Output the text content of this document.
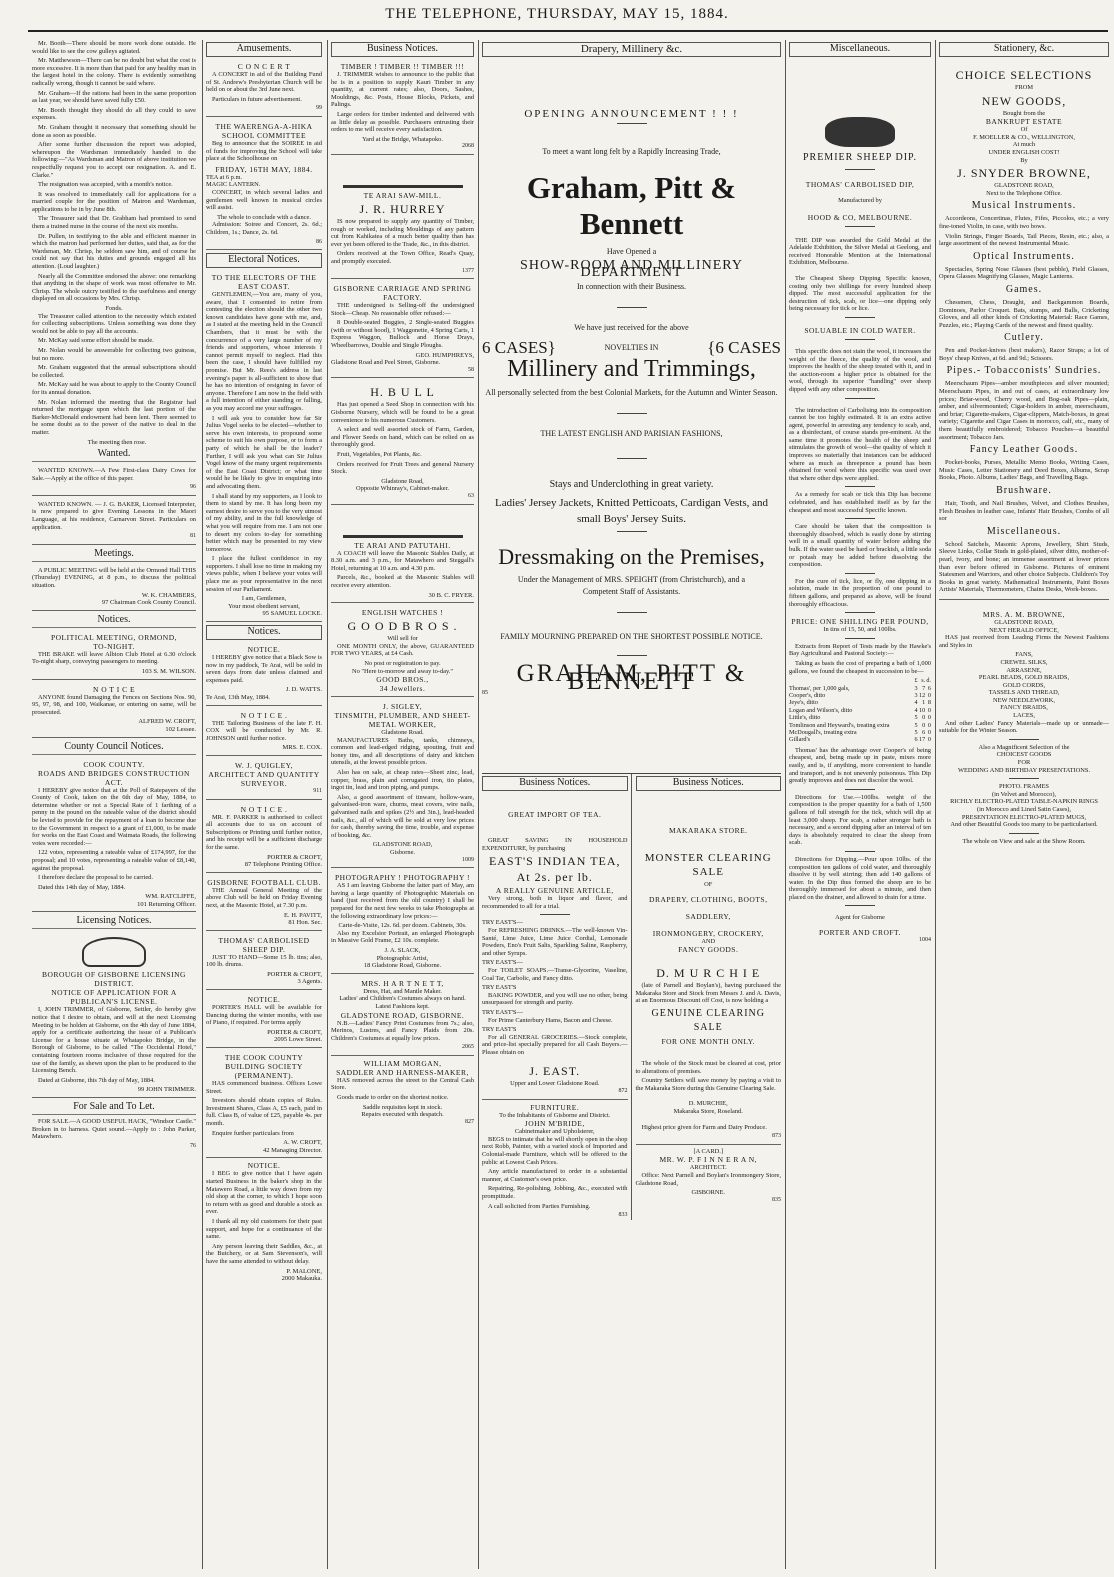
THE TELEPHONE, THURSDAY, MAY 15, 1884.

Mr. Booth—There should be more work done outside. He would like to see the cow gulleys agitated.

Mr. Matthewson—There can be no doubt but what the cost is more excessive. It is more than that paid for any healthy man in the largest hotel in the colony. There is evidently something radically wrong, though it cannot be said where.

Mr. Graham—If the rations had been in the same proportion as last year, we should have saved fully £50.

Mr. Booth thought they should do all they could to save expenses.

Mr. Graham thought it necessary that something should be done as soon as possible.

After some further discussion the report was adopted, whereupon the Wardsman immediately handed in the following:—"As Wardsman and Matron of above institution we respectfully request you to accept our resignation. A. and E. Clarke."

The resignation was accepted, with a month's notice.

It was resolved to immediately call for applications for a married couple for the position of Matron and Wardsman, applications to be in by June 8th.

The Treasurer said that Dr. Grabham had promised to send them a trained nurse in the course of the next six months.

Dr. Pullen, in testifying to the able and efficient manner in which the matron had performed her duties, said that, as for the Wardsman, Mr. Chrisp, he seldom saw him, and of course he could not say that his duties and grounds engaged all his attention. (Loud laughter.)

Nearly all the Committee endorsed the above: one remarking that anything in the shape of work was most offensive to Mr. Chrisp. The whole outcry testified to the usefulness and energy displayed on all occasions by Mrs. Chrisp.

Fonds.

The Treasurer called attention to the necessity which existed for collecting subscriptions. Unless something was done they would not be able to pay all the accounts.

Mr. McKay said some effort should be made.

Mr. Nolan would be answerable for collecting two guineas, but no more.

Mr. Graham suggested that the annual subscriptions should be collected.

Mr. McKay said he was about to apply to the County Council for its annual donation.

Mr. Nolan informed the meeting that the Registrar had returned the mortgage upon which the last portion of the Barker-McDonald endowment had been lent. There seemed to be some doubt as to the power of the native to deal in the matter.

The meeting then rose.

Wanted.

WANTED KNOWN.—A Few First-class Dairy Cows for Sale.—Apply at the office of this paper.

96

WANTED KNOWN. — J. G. BAKER, Licensed Interpreter, is now prepared to give Evening Lessons in the Maori Language, at his residence, Carnarvon Street. Particulars on application.

81
Meetings.

A PUBLIC MEETING will be held at the Ormond Hall THIS (Thursday) EVENING, at 8 p.m., to discuss the political situation.

W. K. CHAMBERS,
97 Chairman Cook County Council.
Notices.
POLITICAL MEETING, ORMOND,
TO-NIGHT.

THE BRAKE will leave Albion Club Hotel at 6.30 o'clock To-night sharp, conveying passengers to meeting.

103 S. M. WILSON.
N O T I C E

ANYONE found Damaging the Fences on Sections Nos. 90, 95, 97, 98, and 100, Waikanae, or entering on same, will be prosecuted.

ALFRED W. CROFT,
102 Lessee.
County Council Notices.
COOK COUNTY.
ROADS AND BRIDGES CONSTRUCTION ACT.

I HEREBY give notice that at the Poll of Ratepayers of the County of Cook, taken on the 6th day of May, 1884, to determine whether or not a Special Rate of 1 farthing of a penny in the pound on the rateable value of the district should be levied to provide for the repayment of a loan to become due to the Government in respect to a grant of £1,000, to be made for works on the East Coast and Waimata Roads, the following votes were recorded:—

122 votes, representing a rateable value of £174,997, for the proposal; and 10 votes, representing a rateable value of £8,140, against the proposal.

I therefore declare the proposal to be carried.

Dated this 14th day of May, 1884.

WM. RATCLIFFE,
101 Returning Officer.
Licensing Notices.
BOROUGH OF GISBORNE LICENSING DISTRICT.
NOTICE OF APPLICATION FOR A PUBLICAN'S LICENSE.

I, JOHN TRIMMER, of Gisborne, Settler, do hereby give notice that I desire to obtain, and will at the next Licensing Meeting to be holden at Gisborne, on the 4th day of June 1884, apply for a certificate authorizing the issue of a Publican's License for a house situate at Whatapoko Bridge, in the Borough of Gisborne, to be called "The Occidental Hotel," containing fourteen rooms inclusive of those required for the use of the family, as shewn upon the plan to be produced to the Licensing Bench.

Dated at Gisborne, this 7th day of May, 1884.

99 JOHN TRIMMER.
For Sale and To Let.

FOR SALE.—A GOOD USEFUL HACK, "Windsor Castle." Broken in to harness. Quiet sound.—Apply to : John Parker, Matawhero.

76
Amusements.
C O N C E R T

A CONCERT in aid of the Building Fund of St. Andrew's Presbyterian Church will be held on or about the 3rd June next.

Particulars in future advertisement.

99
THE WAERENGA-A-HIKA SCHOOL COMMITTEE

Beg to announce that the SOIREE in aid of funds for improving the School will take place at the Schoolhouse on

FRIDAY, 16TH MAY, 1884.
TEA at 6 p.m.
MAGIC LANTERN.

CONCERT, in which several ladies and gentlemen well known in musical circles will assist.

The whole to conclude with a dance.

Admission: Soiree and Concert, 2s. 6d.; Children, 1s.; Dance, 2s. 6d.

86
Electoral Notices.
TO THE ELECTORS OF THE EAST COAST.

GENTLEMEN,—You are, many of you, aware, that I consented to retire from contesting the election should the other two known candidates have gone with me, and, as I stated at the meeting held in the Council Chambers, that it must be with the concurrence of a very large number of my friends and supporters, whose interests I cannot permit myself to neglect. Had this been the case, I should have fulfilled my promise. But Mr. Rees's address in last evening's paper is all-sufficient to show that he has no intention of resigning in favor of anyone. Therefore I am now in the field with a full intention of either standing or falling, as you may accord me your suffrages.

I will ask you to consider how far Sir Julius Vogel seeks to be elected—whether to serve his own interests, to propound some scheme to suit his own purpose, or to form a party of which he shall be the leader? Further, I will ask you what can Sir Julius Vogel know of the many urgent requirements of the East Coast District; or what time would he be likely to give in enquiring into and advocating them.

I shall stand by my supporters, as I look to them to stand by me. It has long been my earnest desire to serve you to the very utmost of my ability, and in the full knowledge of what you will require from me. I am not one to desert my colors to-day for something better which may be presented to my view tomorrow.

I place the fullest confidence in my supporters. I shall lose no time in making my views public, when I believe your votes will place me as your representative in the next session of our Parliament.

I am, Gentlemen,
Your most obedient servant,
95 SAMUEL LOCKE.
Notices.
NOTICE.

I HEREBY give notice that a Black Sow is now in my paddock, Te Arai, will be sold in seven days from date unless claimed and expenses paid.

J. D. WATTS.
Te Arai, 13th May, 1884.
N O T I C E .

THE Tailoring Business of the late F. H. COX will be conducted by Mr. R. JOHNSON until further notice.

MRS. E. COX.
W. J. QUIGLEY,
ARCHITECT AND QUANTITY SURVEYOR.
911
N O T I C E .

MR. F. PARKER is authorised to collect all accounts due to us on account of Subscriptions or Printing until further notice, and his receipt will be a sufficient discharge for the same.

PORTER & CROFT,
87 Telephone Printing Office.
GISBORNE FOOTBALL CLUB.

THE Annual General Meeting of the above Club will be held on Friday Evening next, at the Masonic Hotel, at 7.30 p.m.

E. H. PAVITT,
81 Hon. Sec.
THOMAS' CARBOLISED SHEEP DIP.

JUST TO HAND—Some 15 lb. tins; also, 100 lb. drums.

PORTER & CROFT,
3 Agents.
NOTICE.

PORTER'S HALL will be available for Dancing during the winter months, with use of Piano, if required. For terms apply

PORTER & CROFT,
2095 Lowe Street.
THE COOK COUNTY BUILDING SOCIETY (PERMANENT).

HAS commenced business. Offices Lowe Street.

Investors should obtain copies of Rules. Investment Shares, Class A, £5 each, paid in full. Class B, of value of £25, payable 4s. per month.

Enquire further particulars from

A. W. CROFT,
42 Managing Director.
NOTICE.

I BEG to give notice that I have again started Business in the baker's shop in the Matawero Road, a little way down from my old shop at the corner, to which I hope soon to return with as good and durable a stock as ever.

I thank all my old customers for their past support, and hope for a continuance of the same.

Any person leaving their Saddles, &c., at the Butchery, or at Sam Stevenson's, will have the same attended to without delay.

P. MALONE,
2000 Makauka.
Business Notices.
TIMBER ! TIMBER !! TIMBER !!!

J. TRIMMER wishes to announce to the public that he is in a position to supply Kauri Timber in any quantity, at current rates; also, Doors, Sashes, Mouldings, &c. Posts, House Blocks, Pickets, and Palings.

Large orders for timber indented and delivered with as little delay as possible. Purchasers entrusting their orders to me will receive every satisfaction.

Yard at the Bridge, Whatapoko.
2068
TE ARAI SAW-MILL.
J. R. HURREY

IS now prepared to supply any quantity of Timber, rough or worked, including Mouldings of any pattern cut from Kahikatea of a much better quality than has ever yet been offered to the Trade, &c., in this district.

Orders received at the Town Office, Read's Quay, and promptly executed.

1377
GISBORNE CARRIAGE AND SPRING FACTORY.

THE undersigned is Selling-off the undersigned Stock—Cheap. No reasonable offer refused:—

8 Double-seated Buggies, 2 Single-seated Buggies (with or without hood), 1 Waggonette, 4 Spring Carts, 1 Express Waggon, Bullock and Horse Drays, Wheelbarrows, Double and Single Ploughs.

GEO. HUMPHREYS,
Gladstone Road and Peel Street, Gisborne.
58
H. B U L L

Has just opened a Seed Shop in connection with his Gisborne Nursery, which will be found to be a great convenience to his numerous Customers.

A select and well assorted stock of Farm, Garden, and Flower Seeds on hand, which can be relied on as thoroughly good.

Fruit, Vegetables, Pot Plants, &c.

Orders received for Fruit Trees and general Nursery Stock.

Gladstone Road,
Opposite Whinray's, Cabinet-maker.
63
TE ARAI AND PATUTAHI.

A COACH will leave the Masonic Stables Daily, at 8.30 a.m. and 3 p.m., for Matawhero and Steggall's Hotel, returning at 10 a.m. and 4.30 p.m.

Parcels, &c., booked at the Masonic Stables will receive every attention.

30 B. C. FRYER.
ENGLISH WATCHES !
G O O D B R O S .
Will sell for

ONE MONTH ONLY, the above, GUARANTEED FOR TWO YEARS, at £4 Cash.

No post or registration to pay.
No "Here to-morrow and away to-day."
GOOD BROS.,
34 Jewellers.
J. SIGLEY,
TINSMITH, PLUMBER, AND SHEET-METAL WORKER,
Gladstone Road.

MANUFACTURES Baths, tanks, chimneys, common and lead-edged ridging, spouting, fruit and honey tins, and all descriptions of dairy and kitchen utensils, at the lowest possible prices.

Also has on sale, at cheap rates—Sheet zinc, lead, copper, brass, plain and corrugated iron, tin plates, ingot tin, lead and iron piping, and pumps.

Also, a good assortment of tinware, hollow-ware, galvanised-iron ware, churns, meat covers, wire nails, galvanised nails and spikes (2½ and 3in.), lead-headed nails, &c., all of which will be sold at very low prices for cash, thereby saving the time, trouble, and expense of booking, &c.

GLADSTONE ROAD,
Gisborne.
1009
PHOTOGRAPHY ! PHOTOGRAPHY !

AS I am leaving Gisborne the latter part of May, am having a large quantity of Photographic Materials on hand (just received from the old country) I shall be prepared for the next few weeks to take Photographs at the following extraordinary low prices:—

Carte-de-Visite, 12s. 6d. per dozen. Cabinets, 30s.

Also my Excelsior Portrait, an enlarged Photograph in Massive Gold Frame, £2 10s. complete.

J. A. SLACK,
Photographic Artist,
18 Gladstone Road, Gisborne.
MRS. H A R T N E T T,
Dress, Hat, and Mantle Maker.
Ladies' and Children's Costumes always on hand.
Latest Fashions kept.
GLADSTONE ROAD, GISBORNE.

N.B.—Ladies' Fancy Print Costumes from 7s.; also, Merinos, Lustres, and Fancy Plaids from 20s. Children's Costumes at equally low prices.

2065
WILLIAM MORGAN,
SADDLER AND HARNESS-MAKER,

HAS removed across the street to the Central Cash Store.

Goods made to order on the shortest notice.

Saddle requisites kept in stock.
Repairs executed with despatch.
827
Drapery, Millinery &c.
OPENING ANNOUNCEMENT ! ! !
To meet a want long felt by a Rapidly Increasing Trade,
Graham, Pitt & Bennett
Have Opened a
SHOW-ROOM AND MILLINERY DEPARTMENT
In connection with their Business.
We have just received for the above
6 CASES}	NOVELTIES IN	{6 CASES
Millinery and Trimmings,
All personally selected from the best Colonial Markets, for the Autumn and Winter Season.
THE LATEST ENGLISH AND PARISIAN FASHIONS,
Stays and Underclothing in great variety.
Ladies' Jersey Jackets, Knitted Petticoats, Cardigan Vests, and small Boys' Jersey Suits.
Dressmaking on the Premises,
Under the Management of MRS. SPEIGHT (from Christchurch), and a
Competent Staff of Assistants.
FAMILY MOURNING PREPARED ON THE SHORTEST POSSIBLE NOTICE.
GRAHAM, PITT & BENNETT
85
Business Notices.
GREAT IMPORT OF TEA.

GREAT SAVING IN HOUSEHOLD EXPENDITURE, by purchasing

EAST'S INDIAN TEA,
At 2s. per lb.
A REALLY GENUINE ARTICLE,

Very strong, both in liquor and flavor, and recommended to all for a trial.

TRY EAST'S—

For REFRESHING DRINKS.—The well-known Vin-Santé, Lime Juice, Lime Juice Cordial, Lemonade Powders, Eno's Fruit Salts, Sparkling Saline, Raspberry, and other Syrups.

TRY EAST'S—

For TOILET SOAPS.—Transe-Glycerine, Vaseline, Coal Tar, Carbolic, and Fancy ditto.

TRY EAST'S

BAKING POWDER, and you will use no other, being unsurpassed for strength and purity.

TRY EAST'S—

For Prime Canterbury Hams, Bacon and Cheese.

TRY EAST'S

For all GENERAL GROCERIES.—Stock complete, and price-list specially prepared for all Cash Buyers.—Please obtain on

J. EAST.
Upper and Lower Gladstone Road.
872
FURNITURE.
To the Inhabitants of Gisborne and District.
JOHN M'BRIDE,
Cabinetmaker and Upholsterer,

BEGS to intimate that he will shortly open in the shop next Robb, Painter, with a varied stock of Imported and Colonial-made Furniture, which will be offered to the public at Lowest Cash Prices.

Any article manufactured to order in a substantial manner, at Customer's own price.

Repairing, Re-polishing, Jobbing, &c., executed with promptitude.

A call solicited from Parties Furnishing.

833
Business Notices.
MAKARAKA STORE.
MONSTER CLEARING SALE
OF
DRAPERY, CLOTHING, BOOTS,
SADDLERY,
IRONMONGERY, CROCKERY,
AND
FANCY GOODS.
D. M U R C H I E

(late of Parnell and Boylan's), having purchased the Makaraka Store and Stock from Messrs J. and A. Davis, at an Enormous Discount off Cost, is now holding a

GENUINE CLEARING SALE
FOR ONE MONTH ONLY.

The whole of the Stock must be cleared at cost, prior to alterations of premises.

Country Settlers will save money by paying a visit to the Makaraka Store during this Genuine Clearing Sale.

D. MURCHIE,
Makaraka Store, Roseland.

Highest price given for Farm and Dairy Produce.

873
[A CARD.]
MR. W. P. F I N N E R A N,
ARCHITECT.

Office: Next Parnell and Boylan's Ironmongery Store, Gladstone Road,

GISBORNE.
835
Miscellaneous.
PREMIER SHEEP DIP.
THOMAS' CARBOLISED DIP,
Manufactured by
HOOD & CO, MELBOURNE.

THE DIP was awarded the Gold Medal at the Adelaide Exhibition, the Silver Medal at Geelong, and received Honorable Mention at the International Exhibition, Melbourne.

The Cheapest Sheep Dipping Specific known, costing only two shillings for every hundred sheep dipped. The most successful application for the destruction of tick, scab, or lice—one dipping only being necessary for tick or lice.

SOLUABLE IN COLD WATER.

This specific does not stain the wool, it increases the weight of the fleece, the quality of the wool, and improves the health of the sheep treated with it, and in the auction-room a higher price is obtained for the wool, through its superior "handling" over sheep dipped with any other composition.

The introduction of Carbolising into its composition cannot be too highly estimated. It is an extra active agent, powerful in arresting any tendency to scab, and, as a disinfectant, of course stands pre-eminent. At the same time it promotes the health of the sheep and stimulates the growth of wool—the quality of which it improves so materially that instances can be adduced where as much as threepence a pound has been obtained for wool where this specific was used over that where other dips were applied.

As a remedy for scab or tick this Dip has become celebrated, and has established itself as by far the cheapest and most successful Specific known.

Care should be taken that the composition is thoroughly dissolved, which is easily done by stirring well in a small quantity of water before adding the bulk. If the water used be hard or brackish, a little soda or potash may be added before dissolving the composition.

For the cure of tick, lice, or fly, one dipping in a solution, made in the proportion of one pound to fifteen gallons, and prepared as above, will be found thoroughly efficacious.

PRICE: ONE SHILLING PER POUND,
In tins of 15, 50, and 100lbs.

Extracts from Report of Tests made by the Hawke's Bay Agricultural and Pastoral Society:—

Taking as basis the cost of preparing a bath of 1,000 gallons, we found the cheapest in succession to be—

	£	s.	d.
Thomas', per 1,000 gals,	3	7	6
Cooper's, ditto	3	12	0
Jeye's, ditto	4	1	8
Logan and Wilson's, ditto	4	10	0
Little's, ditto	5	0	0
Tomlinson and Heyward's, treating extra	5	0	0
McDougall's, treating extra	5	6	0
Gillard's	6	17	0

Thomas' has the advantage over Cooper's of being cheapest, and, being made up in paste, mixes more easily, and is, if anything, more convenient to handle and transport, and is not unevenly poisonous. This Dip greatly improves and does not discolor the wool.

Directions for Use.—100lbs. weight of the composition is the proper quantity for a bath of 1,500 gallons of full strength for the tick, which will dip at least 3,000 sheep. For scab, a rather stronger bath is necessary, and a second dipping after an interval of ten days is absolutely required to clear the sheep from scab.

Directions for Dipping.—Pour upon 10lbs. of the composition ten gallons of cold water, and thoroughly dissolve it by well stirring; then add 140 gallons of water. In the Dip thus formed the sheep are to be thoroughly immersed for about a minute, and then placed on the drainer, and allowed to drain for a time.

Agent for Gisborne
PORTER AND CROFT.
1004
Stationery, &c.
CHOICE SELECTIONS
FROM
NEW GOODS,
Bought from the
BANKRUPT ESTATE
Of
F. MOELLER & CO., WELLINGTON,
At much
UNDER ENGLISH COST!
By
J. SNYDER BROWNE,
GLADSTONE ROAD,
Next to the Telephone Office.
Musical Instruments.

Accordeons, Concertinas, Flutes, Fifes, Piccolos, etc.; a very fine-toned Violin, in case, with two bows.

Violin Strings, Finger Boards, Tail Pieces, Resin, etc.; also, a large assortment of the newest Instrumental Music.

Optical Instruments.

Spectacles, Spring Nose Glasses (best pebble), Field Glasses, Opera Glasses Magnifying Glasses, Magic Lanterns.

Games.

Chessmen, Chess, Draught, and Backgammon Boards, Dominoes, Parlor Croquet. Bats, stumps, and Balls, Cricketing Gloves, and all other kinds of Cricketing Material: Race Games, Puzzles, etc.; Playing Cards of the newest and finest quality.

Cutlery.

Pen and Pocket-knives (best makers), Razor Straps; a lot of Boys' cheap Knives, at 6d. and 9d.; Scissors.

Pipes.- Tobacconists' Sundries.

Meerschaum Pipes—amber mouthpieces and silver mounted; Meerschaum Pipes, in and out of cases, at extraordinary low prices; Briar-wood, Cherry wood, and Bog-oak Pipes—plain, amber, and silvermounted; Cigar-holders in amber, meerschaum, and briar; Cigarette-makers, Cigar-clippers, Match-boxes, in great variety; Cigarette and Cigar Cases in morocco, calf, etc., many of them beautifully embroidered; Tobacco Pouches—a beautiful assortment; Tobacco Jars.

Fancy Leather Goods.

Pocket-books, Purses, Metallic Memo Books, Writing Cases, Music Cases, Letter Stationery and Deed Boxes, Albums, Scrap Books, Photo. Albums, Ladies' Bags, and Travelling Bags.

Brushware.

Hair, Tooth, and Nail Brushes, Velvet, and Clothes Brushes, Flesh Brushes in leather case, Infants' Hair Brushes, Combs of all sor

Miscellaneous.

School Satchels, Masonic Aprons, Jewellery, Shirt Studs, Sleeve Links, Collar Studs in gold-plated, silver ditto, mother-of-pearl, ivory, and bone; an immense assortment at lower prices than ever before offered in Gisborne. Pictures of eminent Statesmen and Warriors, and other choice Subjects. Children's Toy Books in great variety. Mathematical Instruments, Paint Boxes Artists' Materials, Thermometers, Chains Desks, Work-boxes.

MRS. A. M. BROWNE,
GLADSTONE ROAD,
NEXT HERALD OFFICE,

HAS just received from Leading Firms the Newest Fashions and Styles in

FANS,
CREWEL SILKS,
ARRASENE,
PEARL BEADS, GOLD BRAIDS,
GOLD CORDS,
TASSELS AND THREAD,
NEW NEEDLEWORK,
FANCY BRAIDS,
LACES,

And other Ladies' Fancy Materials—made up or unmade—suitable for the Winter Season.

Also a Magnificent Selection of the
CHOICEST GOODS
FOR
WEDDING AND BIRTHDAY PRESENTATIONS.
PHOTO. FRAMES
(in Velvet and Morocco),
RICHLY ELECTRO-PLATED TABLE-NAPKIN RINGS
(in Morocco and Lined Satin Cases),
PRESENTATION ELECTRO-PLATED MUGS,
And other Beautiful Goods too many to be particularised.
The whole on View and sale at the Show Room.
